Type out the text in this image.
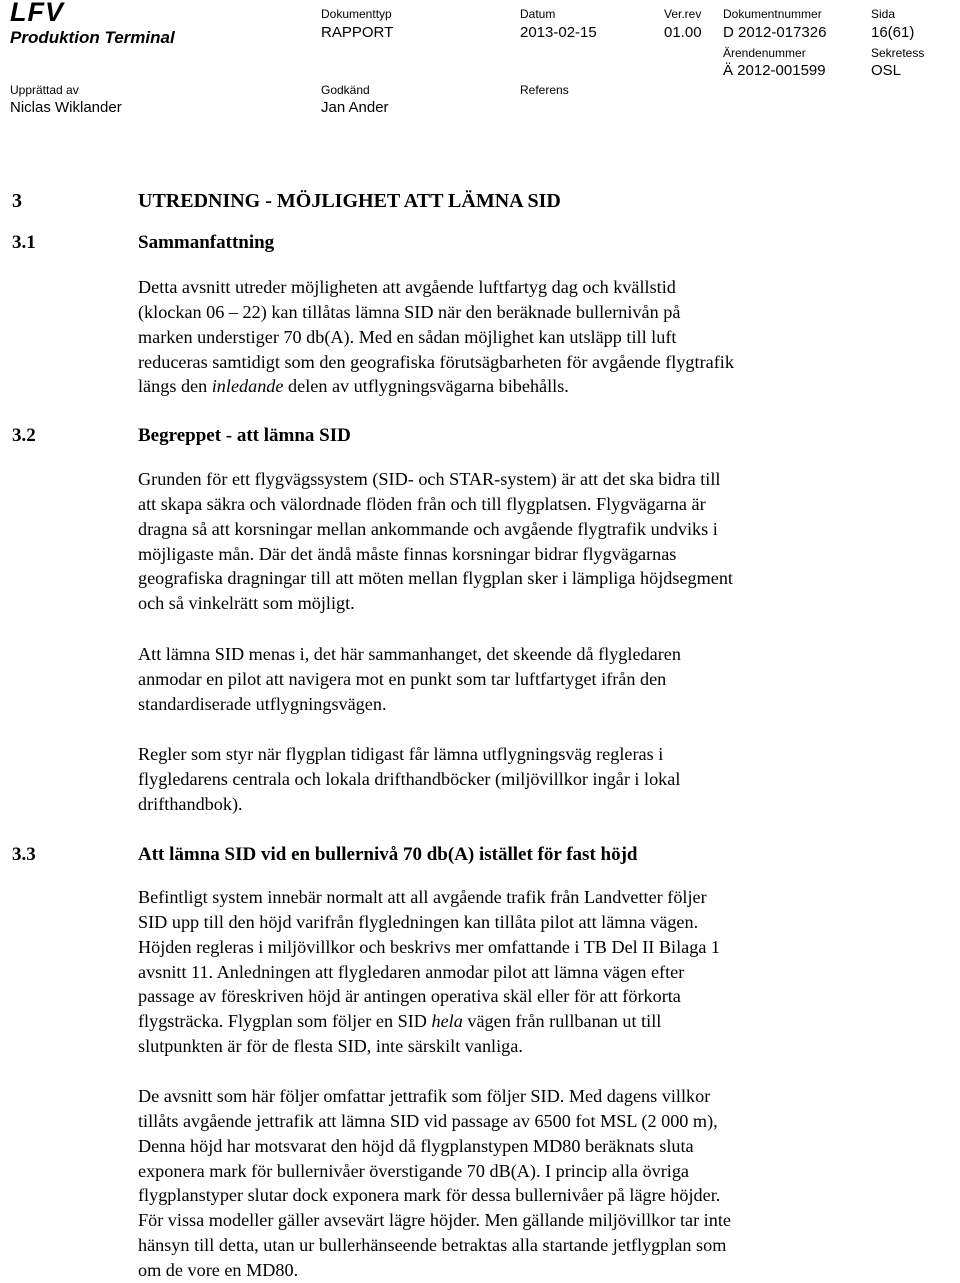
LFV
Produktion Terminal
Dokumenttyp
RAPPORT
Datum
2013-02-15
Ver.rev
01.00
Dokumentnummer
D 2012-017326
Sida
16(61)
Ärendenummer
Ä 2012-001599
Sekretess
OSL
Upprättad av
Niclas Wiklander
Godkänd
Jan Ander
Referens
3	UTREDNING - MÖJLIGHET ATT LÄMNA SID
3.1	Sammanfattning
Detta avsnitt utreder möjligheten att avgående luftfartyg dag och kvällstid
(klockan 06 – 22) kan tillåtas lämna SID när den beräknade bullernivån på
marken understiger 70 db(A). Med en sådan möjlighet kan utsläpp till luft
reduceras samtidigt som den geografiska förutsägbarheten för avgående flygtrafik
längs den inledande delen av utflygningsvägarna bibehålls.
3.2	Begreppet - att lämna SID
Grunden för ett flygvägssystem (SID- och STAR-system) är att det ska bidra till
att skapa säkra och välordnade flöden från och till flygplatsen. Flygvägarna är
dragna så att korsningar mellan ankommande och avgående flygtrafik undviks i
möjligaste mån. Där det ändå måste finnas korsningar bidrar flygvägarnas
geografiska dragningar till att möten mellan flygplan sker i lämpliga höjdsegment
och så vinkelrätt som möjligt.
Att lämna SID menas i, det här sammanhanget, det skeende då flygledaren
anmodar en pilot att navigera mot en punkt som tar luftfartyget ifrån den
standardiserade utflygningsvägen.
Regler som styr när flygplan tidigast får lämna utflygningsväg regleras i
flygledarens centrala och lokala drifthandböcker (miljövillkor ingår i lokal
drifthandbok).
3.3	Att lämna SID vid en bullernivå 70 db(A) istället för fast höjd
Befintligt system innebär normalt att all avgående trafik från Landvetter följer
SID upp till den höjd varifrån flygledningen kan tillåta pilot att lämna vägen.
Höjden regleras i miljövillkor och beskrivs mer omfattande i TB Del II Bilaga 1
avsnitt 11. Anledningen att flygledaren anmodar pilot att lämna vägen efter
passage av föreskriven höjd är antingen operativa skäl eller för att förkorta
flygsträcka. Flygplan som följer en SID hela vägen från rullbanan ut till
slutpunkten är för de flesta SID, inte särskilt vanliga.
De avsnitt som här följer omfattar jettrafik som följer SID. Med dagens villkor
tillåts avgående jettrafik att lämna SID vid passage av 6500 fot MSL (2 000 m),
Denna höjd har motsvarat den höjd då flygplanstypen MD80 beräknats sluta
exponera mark för bullernivåer överstigande 70 dB(A). I princip alla övriga
flygplanstyper slutar dock exponera mark för dessa bullernivåer på lägre höjder.
För vissa modeller gäller avsevärt lägre höjder. Men gällande miljövillkor tar inte
hänsyn till detta, utan ur bullerhänseende betraktas alla startande jetflygplan som
om de vore en MD80.
